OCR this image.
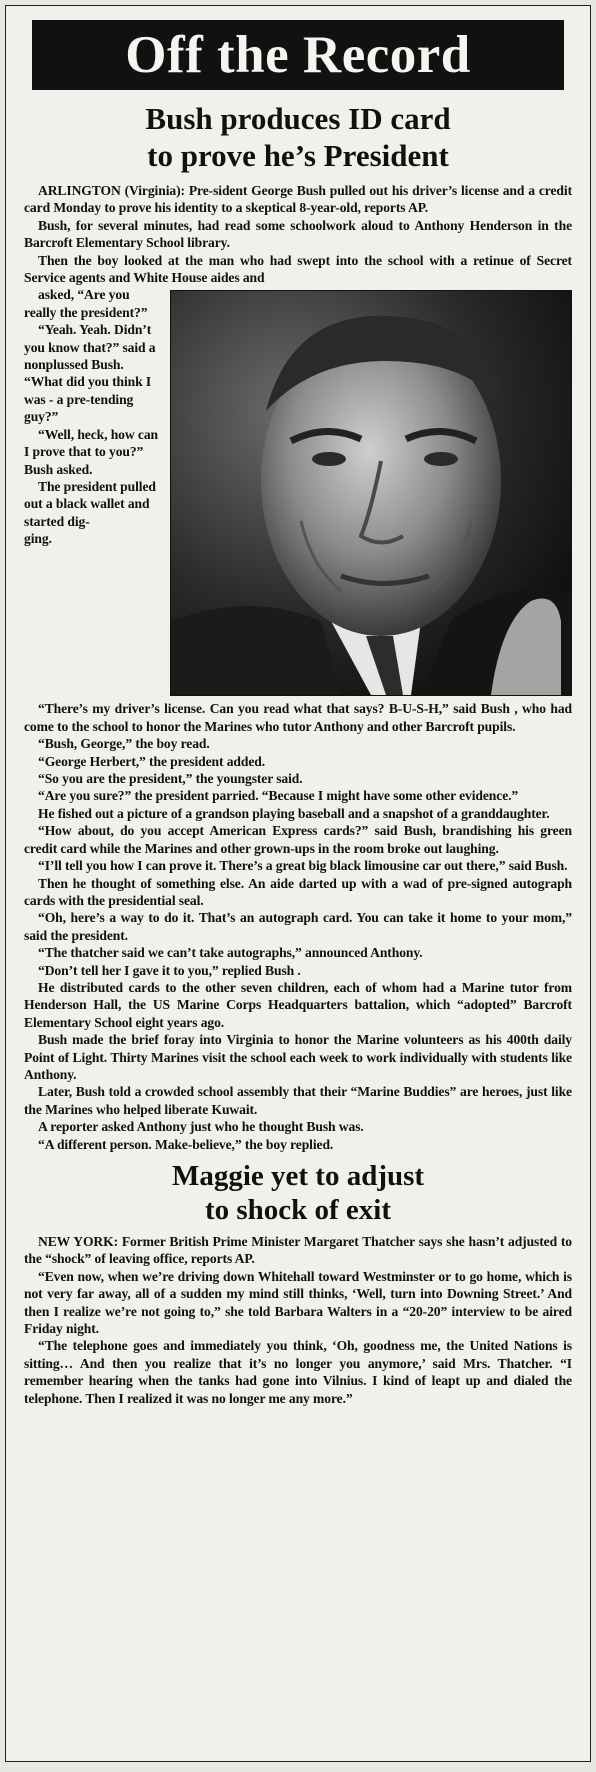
Off the Record
Bush produces ID card
to prove he’s President

ARLINGTON (Virginia): Pre-sident George Bush pulled out his driver’s license and a credit card Monday to prove his identity to a skeptical 8-year-old, reports AP.

Bush, for several minutes, had read some schoolwork aloud to Anthony Henderson in the Barcroft Elementary School library.

Then the boy looked at the man who had swept into the school with a retinue of Secret Service agents and White House aides and

asked, “Are you really the president?”

“Yeah. Yeah. Didn’t you know that?” said a nonplussed Bush. “What did you think I was - a pre-tending guy?”

“Well, heck, how can I prove that to you?” Bush asked.

The president pulled out a black wallet and started dig-

ging.

“There’s my driver’s license. Can you read what that says? B-U-S-H,” said Bush , who had come to the school to honor the Marines who tutor Anthony and other Barcroft pupils.

“Bush, George,” the boy read.

“George Herbert,” the president added.

“So you are the president,” the youngster said.

“Are you sure?” the president parried. “Because I might have some other evidence.”

He fished out a picture of a grandson playing baseball and a snapshot of a granddaughter.

“How about, do you accept American Express cards?” said Bush, brandishing his green credit card while the Marines and other grown-ups in the room broke out laughing.

“I’ll tell you how I can prove it. There’s a great big black limousine car out there,” said Bush.

Then he thought of something else. An aide darted up with a wad of pre-signed autograph cards with the presidential seal.

“Oh, here’s a way to do it. That’s an autograph card. You can take it home to your mom,” said the president.

“The thatcher said we can’t take autographs,” announced Anthony.

“Don’t tell her I gave it to you,” replied Bush .

He distributed cards to the other seven children, each of whom had a Marine tutor from Henderson Hall, the US Marine Corps Headquarters battalion, which “adopted” Barcroft Elementary School eight years ago.

Bush made the brief foray into Virginia to honor the Marine volunteers as his 400th daily Point of Light. Thirty Marines visit the school each week to work individually with students like Anthony.

Later, Bush told a crowded school assembly that their “Marine Buddies” are heroes, just like the Marines who helped liberate Kuwait.

A reporter asked Anthony just who he thought Bush was.

“A different person. Make-believe,” the boy replied.

Maggie yet to adjust
to shock of exit

NEW YORK: Former British Prime Minister Margaret Thatcher says she hasn’t adjusted to the “shock” of leaving office, reports AP.

“Even now, when we’re driving down Whitehall toward Westminster or to go home, which is not very far away, all of a sudden my mind still thinks, ‘Well, turn into Downing Street.’ And then I realize we’re not going to,” she told Barbara Walters in a “20-20” interview to be aired Friday night.

“The telephone goes and immediately you think, ‘Oh, goodness me, the United Nations is sitting… And then you realize that it’s no longer you anymore,’ said Mrs. Thatcher. “I remember hearing when the tanks had gone into Vilnius. I kind of leapt up and dialed the telephone. Then I realized it was no longer me any more.”
